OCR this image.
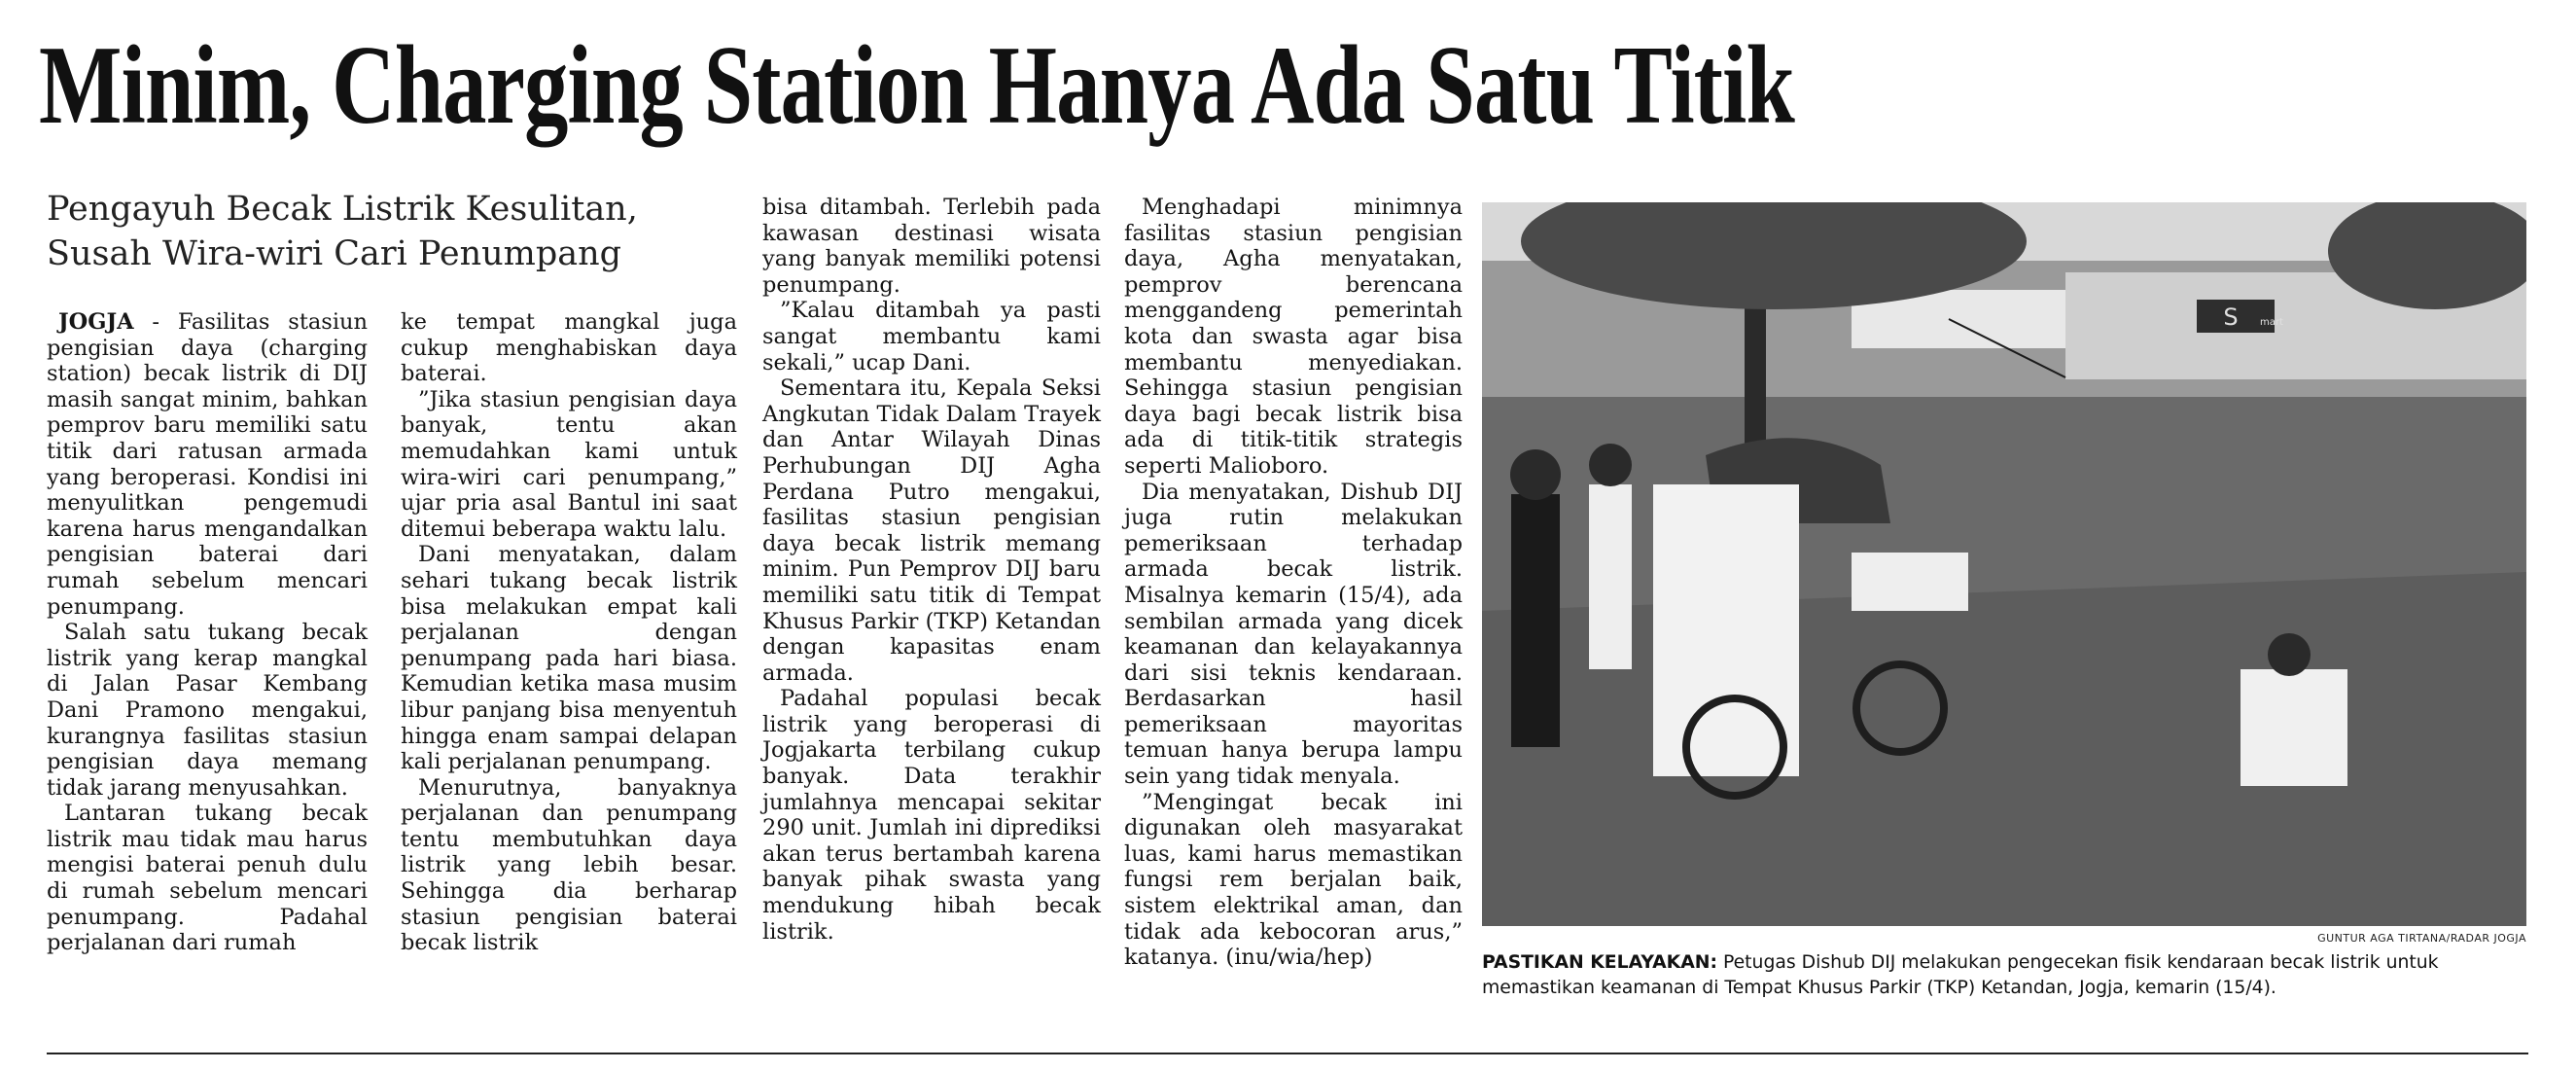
Minim, Charging Station Hanya Ada Satu Titik
Pengayuh Becak Listrik Kesulitan,
Susah Wira-wiri Cari Penumpang

JOGJA - Fasilitas stasiun pengisian daya (charging station) becak listrik di DIJ masih sangat minim, bahkan pemprov baru memiliki satu titik dari ratusan armada yang beroperasi. Kondisi ini menyulitkan pengemudi karena harus mengandalkan pengisian baterai dari rumah sebelum mencari penumpang.

Salah satu tukang becak listrik yang kerap mangkal di Jalan Pasar Kembang Dani Pramono mengakui, kurangnya fasilitas stasiun pengisian daya memang tidak jarang menyusahkan.

Lantaran tukang becak listrik mau tidak mau harus mengisi baterai penuh dulu di rumah sebelum mencari penumpang. Padahal perjalanan dari rumah

ke tempat mangkal juga cukup menghabiskan daya baterai.

”Jika stasiun pengisian daya banyak, tentu akan memudahkan kami untuk wira-wiri cari penumpang,” ujar pria asal Bantul ini saat ditemui beberapa waktu lalu.

Dani menyatakan, dalam sehari tukang becak listrik bisa melakukan empat kali perjalanan dengan penumpang pada hari biasa. Kemudian ketika masa musim libur panjang bisa menyentuh hingga enam sampai delapan kali perjalanan penumpang.

Menurutnya, banyaknya perjalanan dan penumpang tentu membutuhkan daya listrik yang lebih besar. Sehingga dia berharap stasiun pengisian baterai becak listrik

bisa ditambah. Terlebih pada kawasan destinasi wisata yang banyak memiliki potensi penumpang.

”Kalau ditambah ya pasti sangat membantu kami sekali,” ucap Dani.

Sementara itu, Kepala Seksi Angkutan Tidak Dalam Trayek dan Antar Wilayah Dinas Perhubungan DIJ Agha Perdana Putro mengakui, fasilitas stasiun pengisian daya becak listrik memang minim. Pun Pemprov DIJ baru memiliki satu titik di Tempat Khusus Parkir (TKP) Ketandan dengan kapasitas enam armada.

Padahal populasi becak listrik yang beroperasi di Jogjakarta terbilang cukup banyak. Data terakhir jumlahnya mencapai sekitar 290 unit. Jumlah ini diprediksi akan terus bertambah karena banyak pihak swasta yang mendukung hibah becak listrik.

Menghadapi minimnya fasilitas stasiun pengisian daya, Agha menyatakan, pemprov berencana menggandeng pemerintah kota dan swasta agar bisa membantu menyediakan. Sehingga stasiun pengisian daya bagi becak listrik bisa ada di titik-titik strategis seperti Malioboro.

Dia menyatakan, Dishub DIJ juga rutin melakukan pemeriksaan terhadap armada becak listrik. Misalnya kemarin (15/4), ada sembilan armada yang dicek keamanan dan kelayakannya dari sisi teknis kendaraan. Berdasarkan hasil pemeriksaan mayoritas temuan hanya berupa lampu sein yang tidak menyala.

”Mengingat becak ini digunakan oleh masyarakat luas, kami harus memastikan fungsi rem berjalan baik, sistem elektrikal aman, dan tidak ada kebocoran arus,” katanya. (inu/wia/hep)

S mart
GUNTUR AGA TIRTANA/RADAR JOGJA
PASTIKAN KELAYAKAN: Petugas Dishub DIJ melakukan pengecekan fisik kendaraan becak listrik untuk memastikan keamanan di Tempat Khusus Parkir (TKP) Ketandan, Jogja, kemarin (15/4).
